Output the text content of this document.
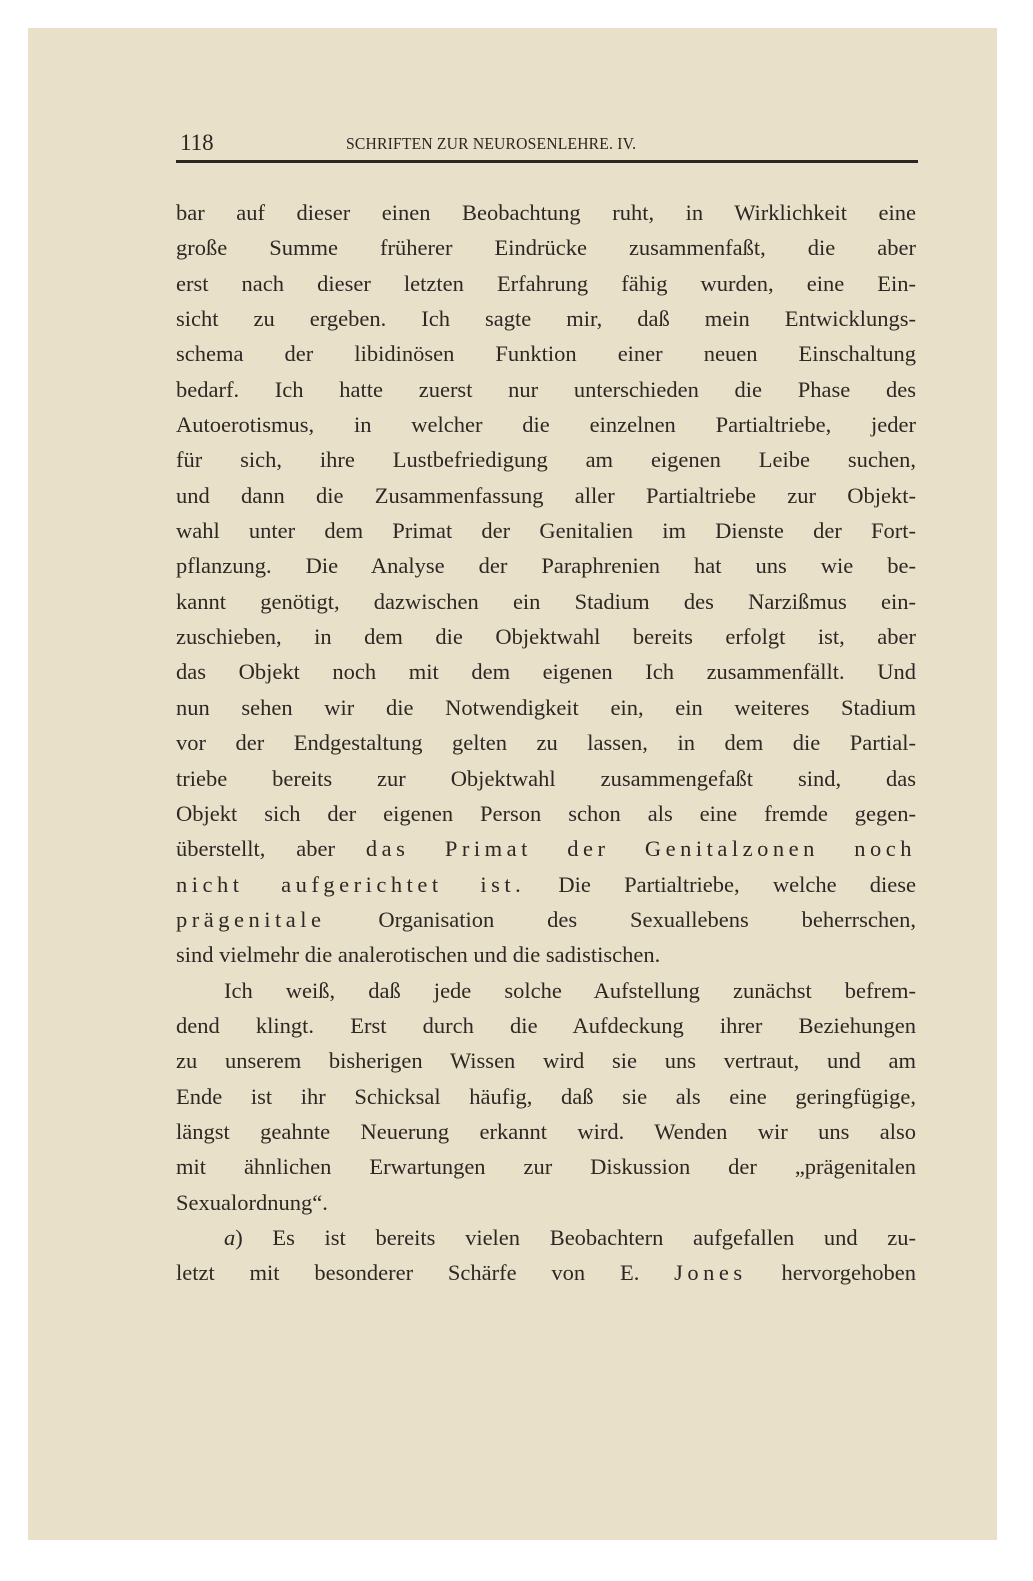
118	SCHRIFTEN ZUR NEUROSENLEHRE. IV.
bar auf dieser einen Beobachtung ruht, in Wirklichkeit eine
große Summe früherer Eindrücke zusammenfaßt, die aber
erst nach dieser letzten Erfahrung fähig wurden, eine Ein-
sicht zu ergeben. Ich sagte mir, daß mein Entwicklungs-
schema der libidinösen Funktion einer neuen Einschaltung
bedarf. Ich hatte zuerst nur unterschieden die Phase des
Autoerotismus, in welcher die einzelnen Partialtriebe, jeder
für sich, ihre Lustbefriedigung am eigenen Leibe suchen,
und dann die Zusammenfassung aller Partialtriebe zur Objekt-
wahl unter dem Primat der Genitalien im Dienste der Fort-
pflanzung. Die Analyse der Paraphrenien hat uns wie be-
kannt genötigt, dazwischen ein Stadium des Narzißmus ein-
zuschieben, in dem die Objektwahl bereits erfolgt ist, aber
das Objekt noch mit dem eigenen Ich zusammenfällt. Und
nun sehen wir die Notwendigkeit ein, ein weiteres Stadium
vor der Endgestaltung gelten zu lassen, in dem die Partial-
triebe bereits zur Objektwahl zusammengefaßt sind, das
Objekt sich der eigenen Person schon als eine fremde gegen-
überstellt, aber das Primat der Genitalzonen noch
nicht aufgerichtet ist. Die Partialtriebe, welche diese
prägenitale Organisation des Sexuallebens beherrschen,
sind vielmehr die analerotischen und die sadistischen.
Ich weiß, daß jede solche Aufstellung zunächst befrem-
dend klingt. Erst durch die Aufdeckung ihrer Beziehungen
zu unserem bisherigen Wissen wird sie uns vertraut, und am
Ende ist ihr Schicksal häufig, daß sie als eine geringfügige,
längst geahnte Neuerung erkannt wird. Wenden wir uns also
mit ähnlichen Erwartungen zur Diskussion der „prägenitalen
Sexualordnung“.
a) Es ist bereits vielen Beobachtern aufgefallen und zu-
letzt mit besonderer Schärfe von E. Jones hervorgehoben
